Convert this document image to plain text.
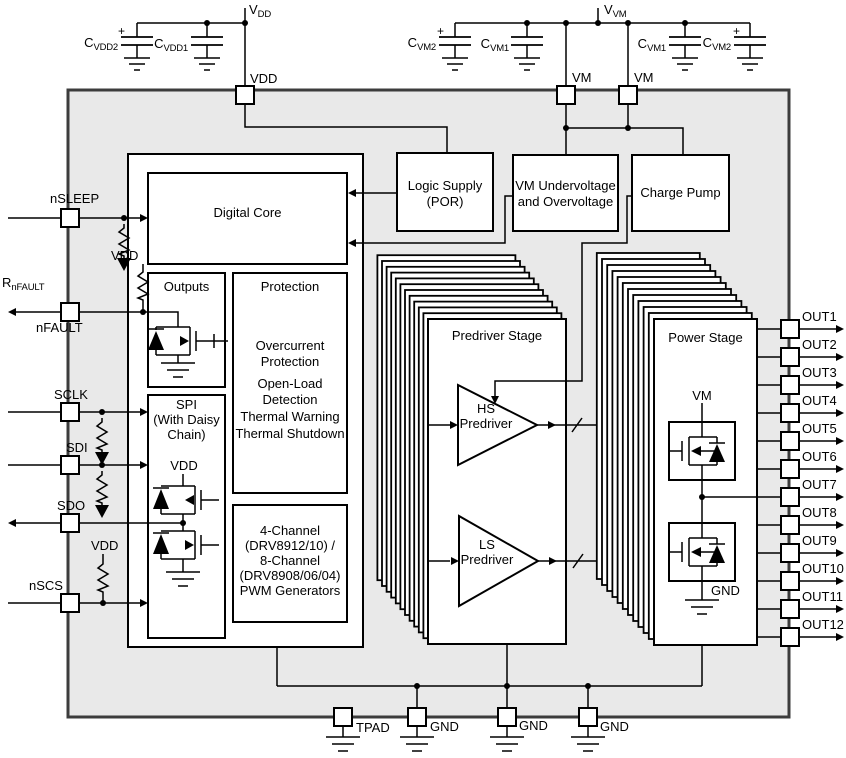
$V_{DD}$
+
$C_{VDD2}$	$C_{VDD1}$
VDD
$V_{VM}$
+
$C_{VM2}$	$C_{VM1}$
VM	VM
$C_{VM1}$	$C_{VM2}$
+
nSLEEP
VDD
$R_{nFAULT}$
nFAULT
SCLK
SDI
SDO
VDD
nSCS
Digital Core
Logic Supply
(POR)
VM Undervoltage
and Overvoltage
Charge Pump
Outputs	Protection
Overcurrent Protection
Open-Load Detection
Thermal Warning
Thermal Shutdown
SPI
(With Daisy
Chain)
VDD
4-Channel
(DRV8912/10) /
8-Channel
(DRV8908/06/04)
PWM Generators
Predriver Stage
HS
Predriver
LS
Predriver
Power Stage
VM
GND
OUT1
OUT2
OUT3
OUT4
OUT5
OUT6
OUT7
OUT8
OUT9
OUT10
OUT11
OUT12
TPAD	GND	GND	GND
